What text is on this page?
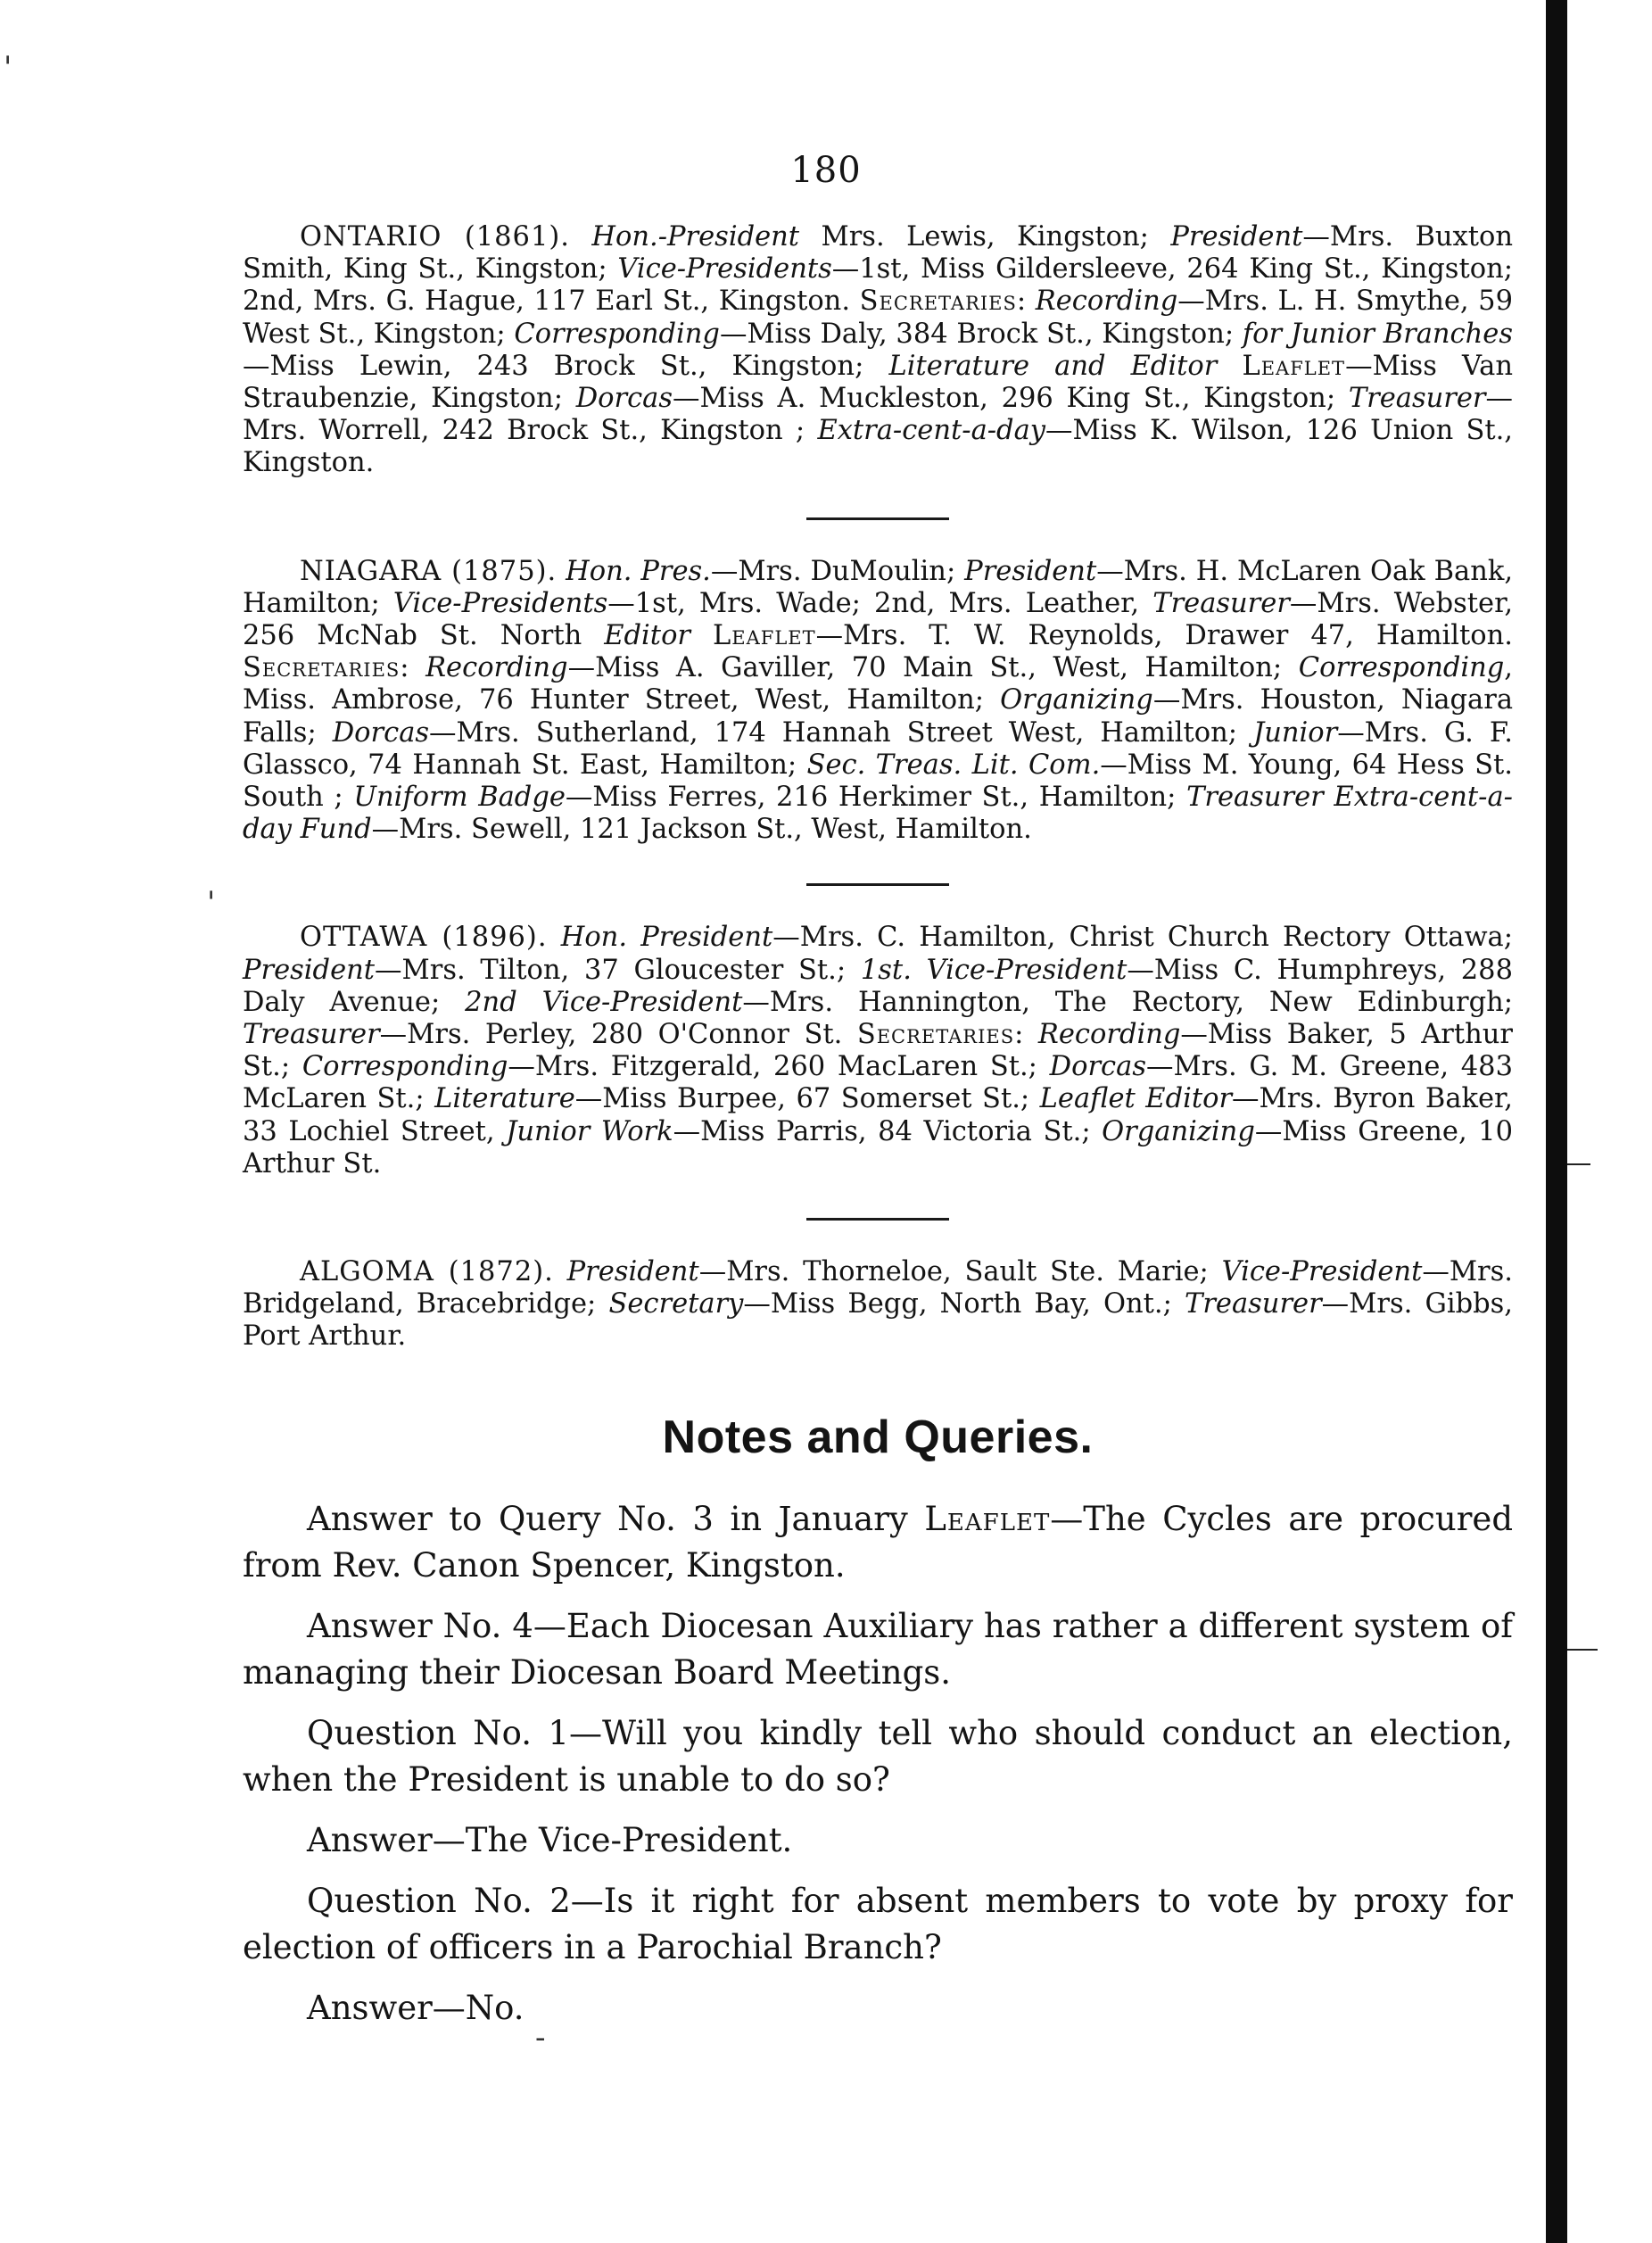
'
'
-
180

ONTARIO (1861). Hon.-President Mrs. Lewis, Kingston; President—Mrs. Buxton Smith, King St., Kingston; Vice-Presidents—1st, Miss Gildersleeve, 264 King St., Kingston; 2nd, Mrs. G. Hague, 117 Earl St., Kingston. Secretaries: Recording—Mrs. L. H. Smythe, 59 West St., Kingston; Corresponding—Miss Daly, 384 Brock St., Kingston; for Junior Branches—Miss Lewin, 243 Brock St., Kingston; Literature and Editor Leaflet—Miss Van Straubenzie, Kingston; Dorcas—Miss A. Muckleston, 296 King St., Kingston; Treasurer—Mrs. Worrell, 242 Brock St., Kingston ; Extra-cent-a-day—Miss K. Wilson, 126 Union St., Kingston.

NIAGARA (1875). Hon. Pres.—Mrs. DuMoulin; President—Mrs. H. McLaren Oak Bank, Hamilton; Vice-Presidents—1st, Mrs. Wade; 2nd, Mrs. Leather, Treasurer—Mrs. Webster, 256 McNab St. North Editor Leaflet—Mrs. T. W. Reynolds, Drawer 47, Hamilton. Secretaries: Recording—Miss A. Gaviller, 70 Main St., West, Hamilton; Corresponding, Miss. Ambrose, 76 Hunter Street, West, Hamilton; Organizing—Mrs. Houston, Niagara Falls; Dorcas—Mrs. Sutherland, 174 Hannah Street West, Hamilton; Junior—Mrs. G. F. Glassco, 74 Hannah St. East, Hamilton; Sec. Treas. Lit. Com.—Miss M. Young, 64 Hess St. South ; Uniform Badge—Miss Ferres, 216 Herkimer St., Hamilton; Treasurer Extra-cent-a-day Fund—Mrs. Sewell, 121 Jackson St., West, Hamilton.

OTTAWA (1896). Hon. President—Mrs. C. Hamilton, Christ Church Rectory Ottawa; President—Mrs. Tilton, 37 Gloucester St.; 1st. Vice-President—Miss C. Humphreys, 288 Daly Avenue; 2nd Vice-President—Mrs. Hannington, The Rectory, New Edinburgh; Treasurer—Mrs. Perley, 280 O'Connor St. Secretaries: Recording—Miss Baker, 5 Arthur St.; Corresponding—Mrs. Fitzgerald, 260 MacLaren St.; Dorcas—Mrs. G. M. Greene, 483 McLaren St.; Literature—Miss Burpee, 67 Somerset St.; Leaflet Editor—Mrs. Byron Baker, 33 Lochiel Street, Junior Work—Miss Parris, 84 Victoria St.; Organizing—Miss Greene, 10 Arthur St.

ALGOMA (1872). President—Mrs. Thorneloe, Sault Ste. Marie; Vice-President—Mrs. Bridgeland, Bracebridge; Secretary—Miss Begg, North Bay, Ont.; Treasurer—Mrs. Gibbs, Port Arthur.

Notes and Queries.

Answer to Query No. 3 in January Leaflet—The Cycles are procured from Rev. Canon Spencer, Kingston.

Answer No. 4—Each Diocesan Auxiliary has rather a different system of managing their Diocesan Board Meetings.

Question No. 1—Will you kindly tell who should conduct an election, when the President is unable to do so?

Answer—The Vice-President.

Question No. 2—Is it right for absent members to vote by proxy for election of officers in a Parochial Branch?

Answer—No.
